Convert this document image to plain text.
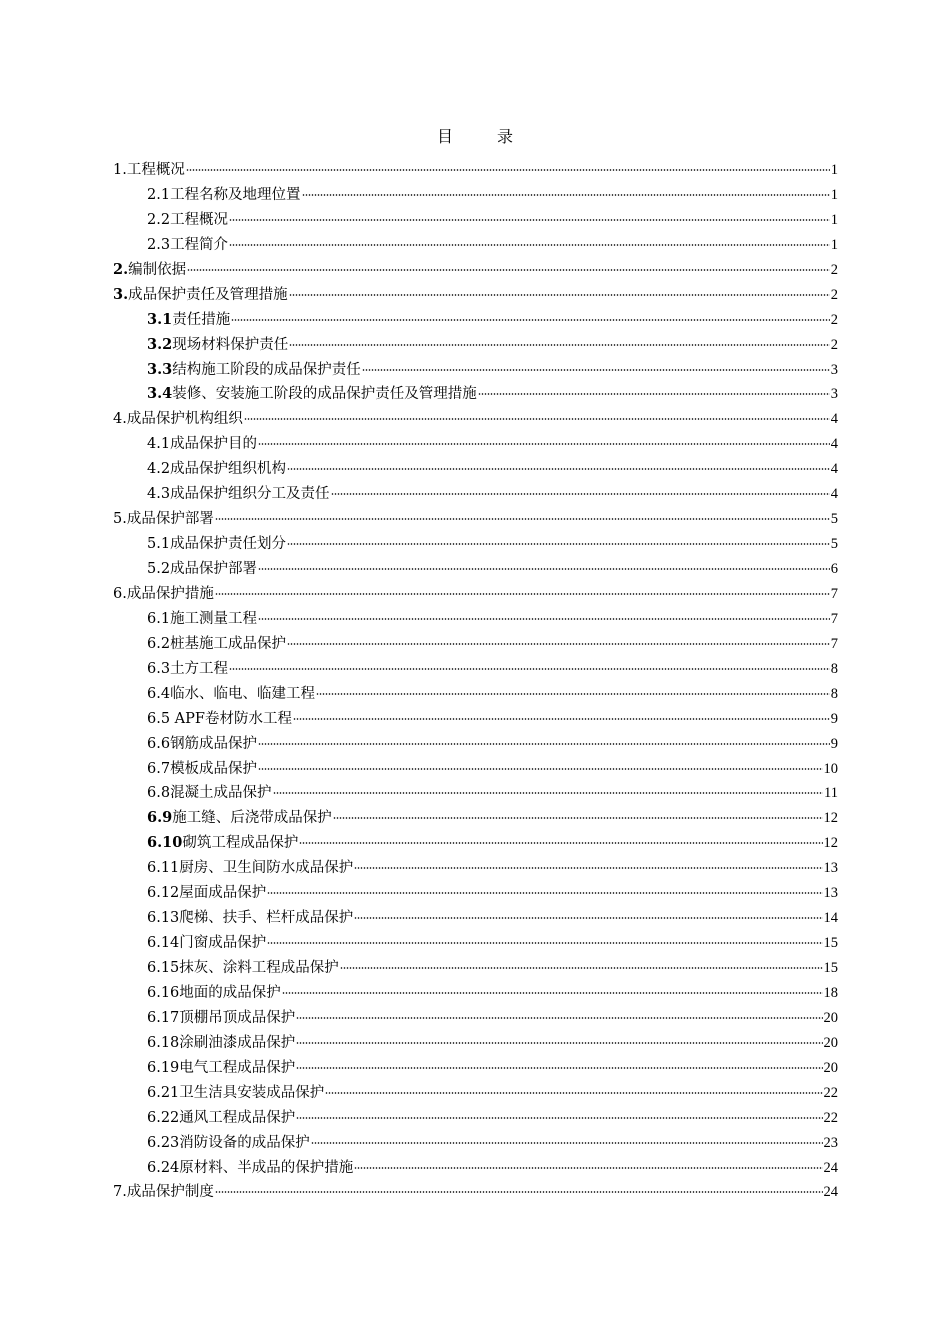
目　录
1.工程概况	1
2.1工程名称及地理位置	1
2.2工程概况	1
2.3工程简介	1
2.编制依据	2
3.成品保护责任及管理措施	2
3.1责任措施	2
3.2现场材料保护责任	2
3.3结构施工阶段的成品保护责任	3
3.4装修、安装施工阶段的成品保护责任及管理措施	3
4.成品保护机构组织	4
4.1成品保护目的	4
4.2成品保护组织机构	4
4.3成品保护组织分工及责任	4
5.成品保护部署	5
5.1成品保护责任划分	5
5.2成品保护部署	6
6.成品保护措施	7
6.1施工测量工程	7
6.2桩基施工成品保护	7
6.3土方工程	8
6.4临水、临电、临建工程	8
6.5 APF卷材防水工程	9
6.6钢筋成品保护	9
6.7模板成品保护	10
6.8混凝土成品保护	11
6.9施工缝、后浇带成品保护	12
6.10砌筑工程成品保护	12
6.11厨房、卫生间防水成品保护	13
6.12屋面成品保护	13
6.13爬梯、扶手、栏杆成品保护	14
6.14门窗成品保护	15
6.15抹灰、涂料工程成品保护	15
6.16地面的成品保护	18
6.17顶棚吊顶成品保护	20
6.18涂刷油漆成品保护	20
6.19电气工程成品保护	20
6.21卫生洁具安装成品保护	22
6.22通风工程成品保护	22
6.23消防设备的成品保护	23
6.24原材料、半成品的保护措施	24
7.成品保护制度	24
